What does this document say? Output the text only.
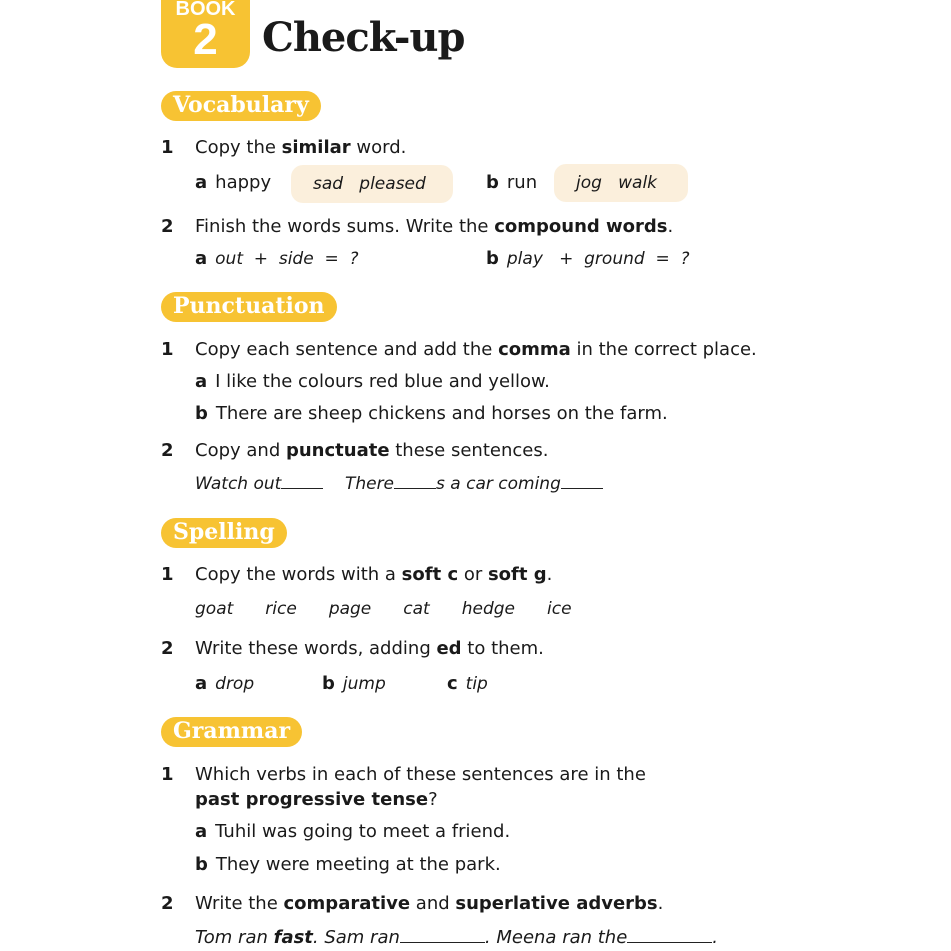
BOOK
2	Check-up
Vocabulary
1 Copy the similar word.
a happy	sad pleased	b run	jog walk
2 Finish the words sums. Write the compound words.
a out  +  side  =  ?	b play   +  ground  =  ?
Punctuation
1 Copy each sentence and add the comma in the correct place.
a I like the colours red blue and yellow.
b There are sheep chickens and horses on the farm.
2 Copy and punctuate these sentences.
Watch out	There s a car coming
Spelling
1 Copy the words with a soft c or soft g.
goat rice page cat hedge ice
2 Write these words, adding ed to them.
a drop	b jump	c tip
Grammar
1 Which verbs in each of these sentences are in the
past progressive tense?
a Tuhil was going to meet a friend.
b They were meeting at the park.
2 Write the comparative and superlative adverbs.
Tom ran fast. Sam ran	. Meena ran the	.
